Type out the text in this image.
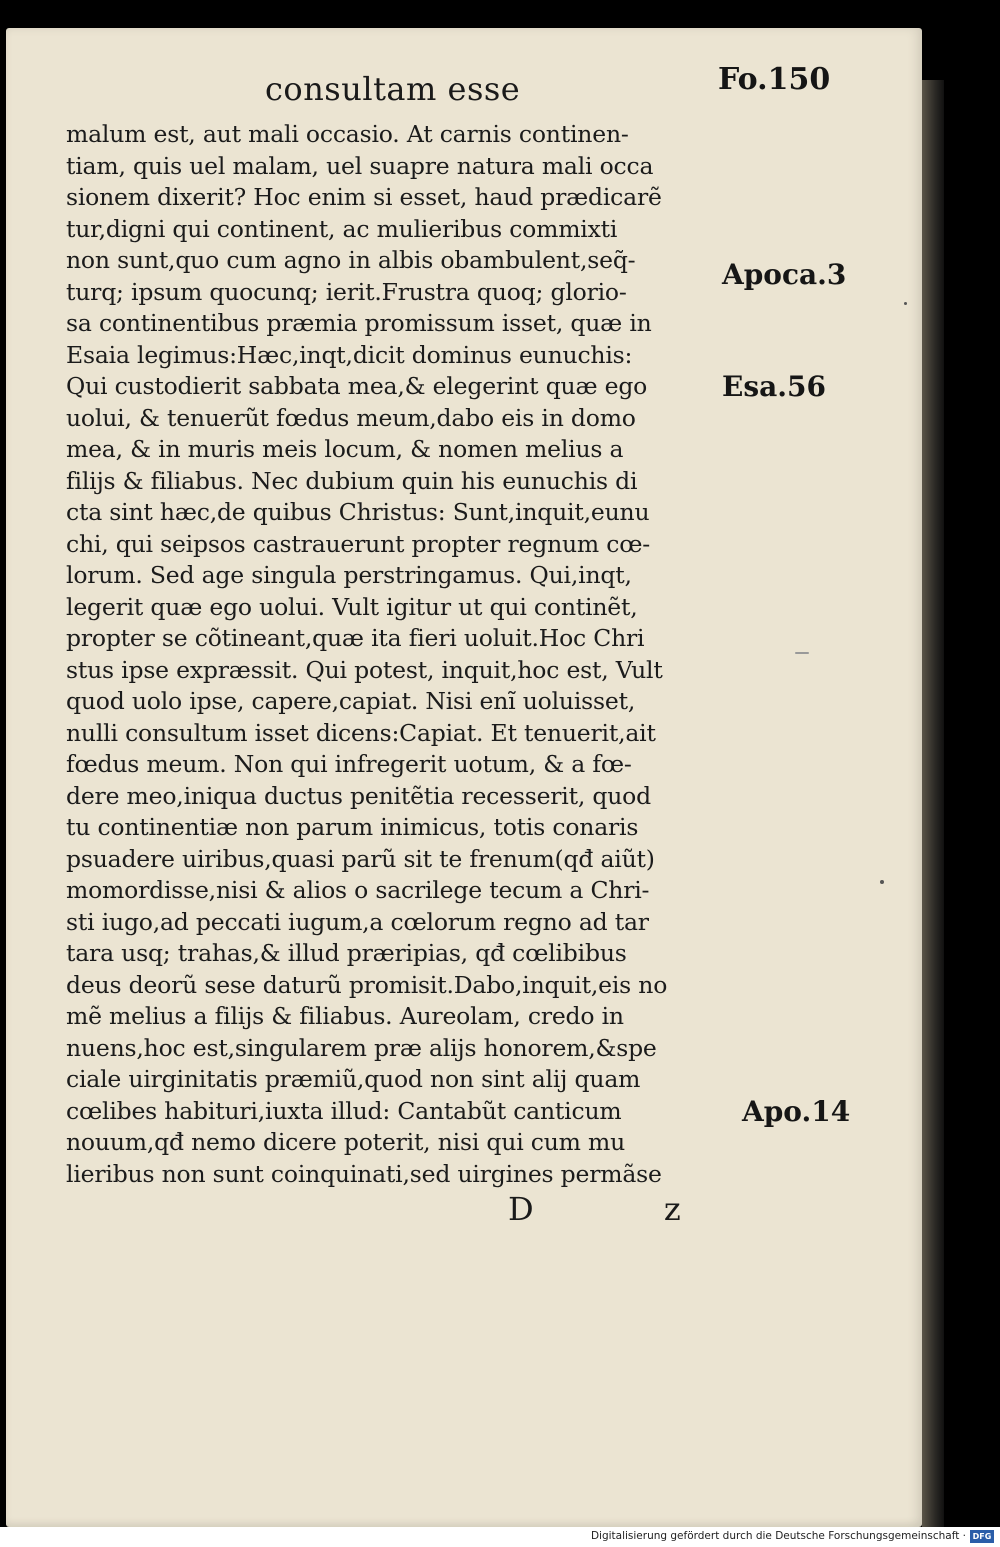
consultam esse	Fo.150
malum est, aut mali occasio. At carnis continen-
tiam, quis uel malam, uel suapre natura mali occa
sionem dixerit? Hoc enim si esset, haud prædicarẽ
tur,digni qui continent, ac mulieribus commixti
non sunt,quo cum agno in albis obambulent,seq̃-
turq; ipsum quocunq; ierit.Frustra quoq; glorio-
sa continentibus præmia promissum isset, quæ in
Esaia legimus:Hæc,inqt,dicit dominus eunuchis:
Qui custodierit sabbata mea,& elegerint quæ ego
uolui, & tenuerũt fœdus meum,dabo eis in domo
mea, & in muris meis locum, & nomen melius a
filijs & filiabus. Nec dubium quin his eunuchis di
cta sint hæc,de quibus Christus: Sunt,inquit,eunu
chi, qui seipsos castrauerunt propter regnum cœ-
lorum. Sed age singula perstringamus. Qui,inqt,
legerit quæ ego uolui. Vult igitur ut qui continẽt,
propter se cõtineant,quæ ita fieri uoluit.Hoc Chri
stus ipse expræssit. Qui potest, inquit,hoc est, Vult
quod uolo ipse, capere,capiat. Nisi enĩ uoluisset,
nulli consultum isset dicens:Capiat. Et tenuerit,ait
fœdus meum. Non qui infregerit uotum, & a fœ-
dere meo,iniqua ductus penitẽtia recesserit, quod
tu continentiæ non parum inimicus, totis conaris
psuadere uiribus,quasi parũ sit te frenum(qđ aiũt)
momordisse,nisi & alios o sacrilege tecum a Chri-
sti iugo,ad peccati iugum,a cœlorum regno ad tar
tara usq; trahas,& illud præripias, qđ cœlibibus
deus deorũ sese daturũ promisit.Dabo,inquit,eis no
mẽ melius a filijs & filiabus. Aureolam, credo in
nuens,hoc est,singularem præ alijs honorem,&spe
ciale uirginitatis præmiũ,quod non sint alij quam
cœlibes habituri,iuxta illud: Cantabũt canticum
nouum,qđ nemo dicere poterit, nisi qui cum mu
lieribus non sunt coinquinati,sed uirgines permãse
Apoca.3
Esa.56
Apo.14
D z
Digitalisierung gefördert durch die Deutsche Forschungsgemeinschaft · DFG
